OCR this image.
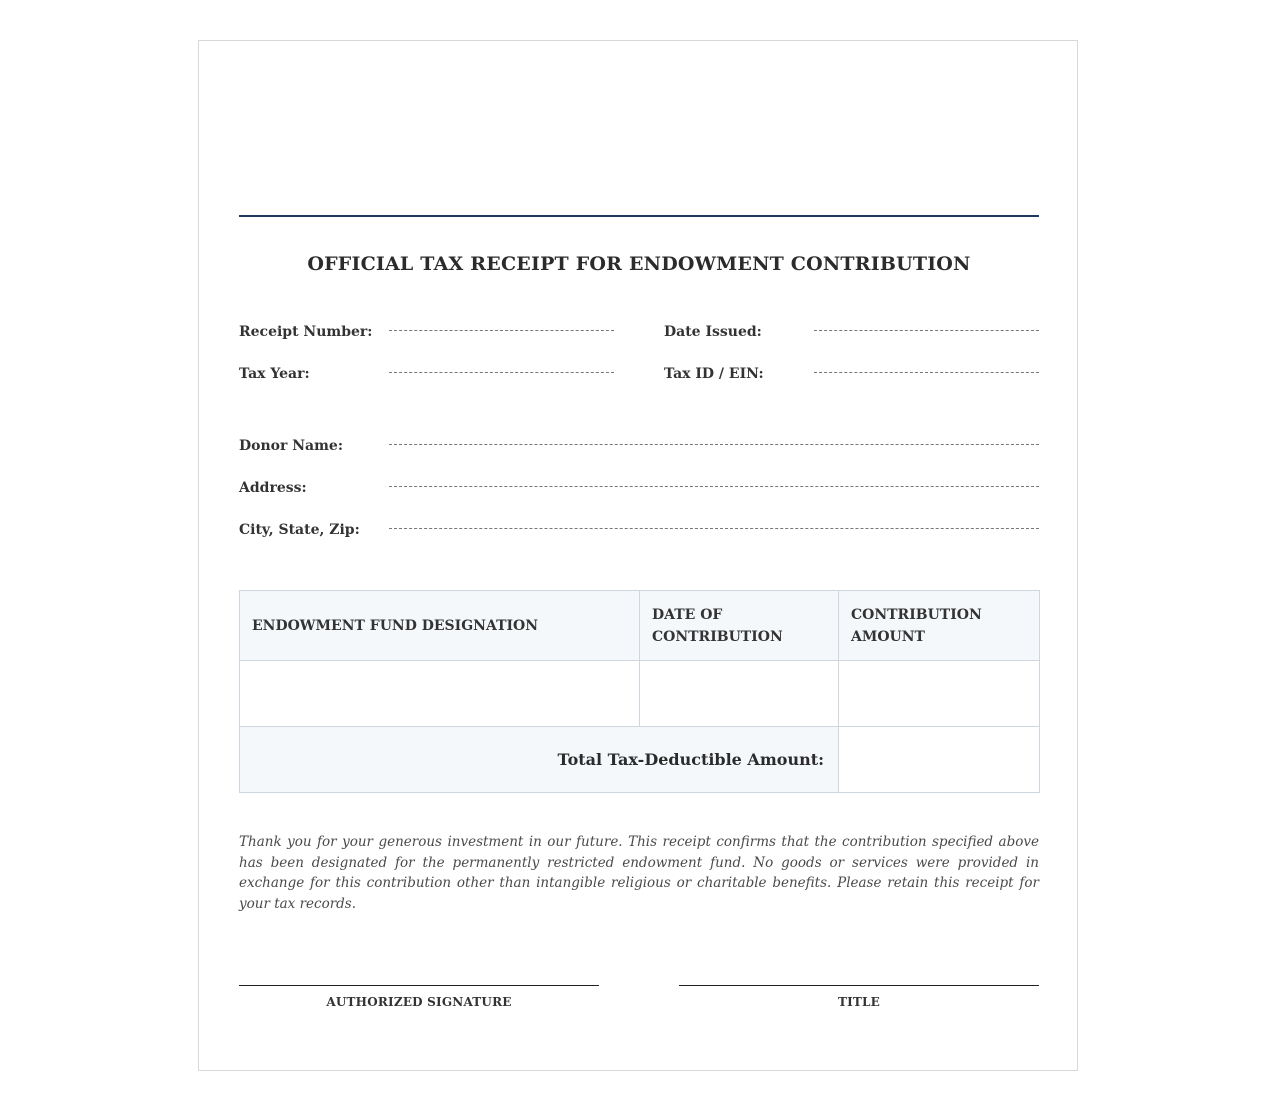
OFFICIAL TAX RECEIPT FOR ENDOWMENT CONTRIBUTION
Receipt Number:	Date Issued:
Tax Year:	Tax ID / EIN:
Donor Name:
Address:
City, State, Zip:
ENDOWMENT FUND DESIGNATION	DATE OF CONTRIBUTION	CONTRIBUTION AMOUNT

Total Tax-Deductible Amount:		
Thank you for your generous investment in our future. This receipt confirms that the contribution specified above has been designated for the permanently restricted endowment fund. No goods or services were provided in exchange for this contribution other than intangible religious or charitable benefits. Please retain this receipt for your tax records.
AUTHORIZED SIGNATURE	TITLE
